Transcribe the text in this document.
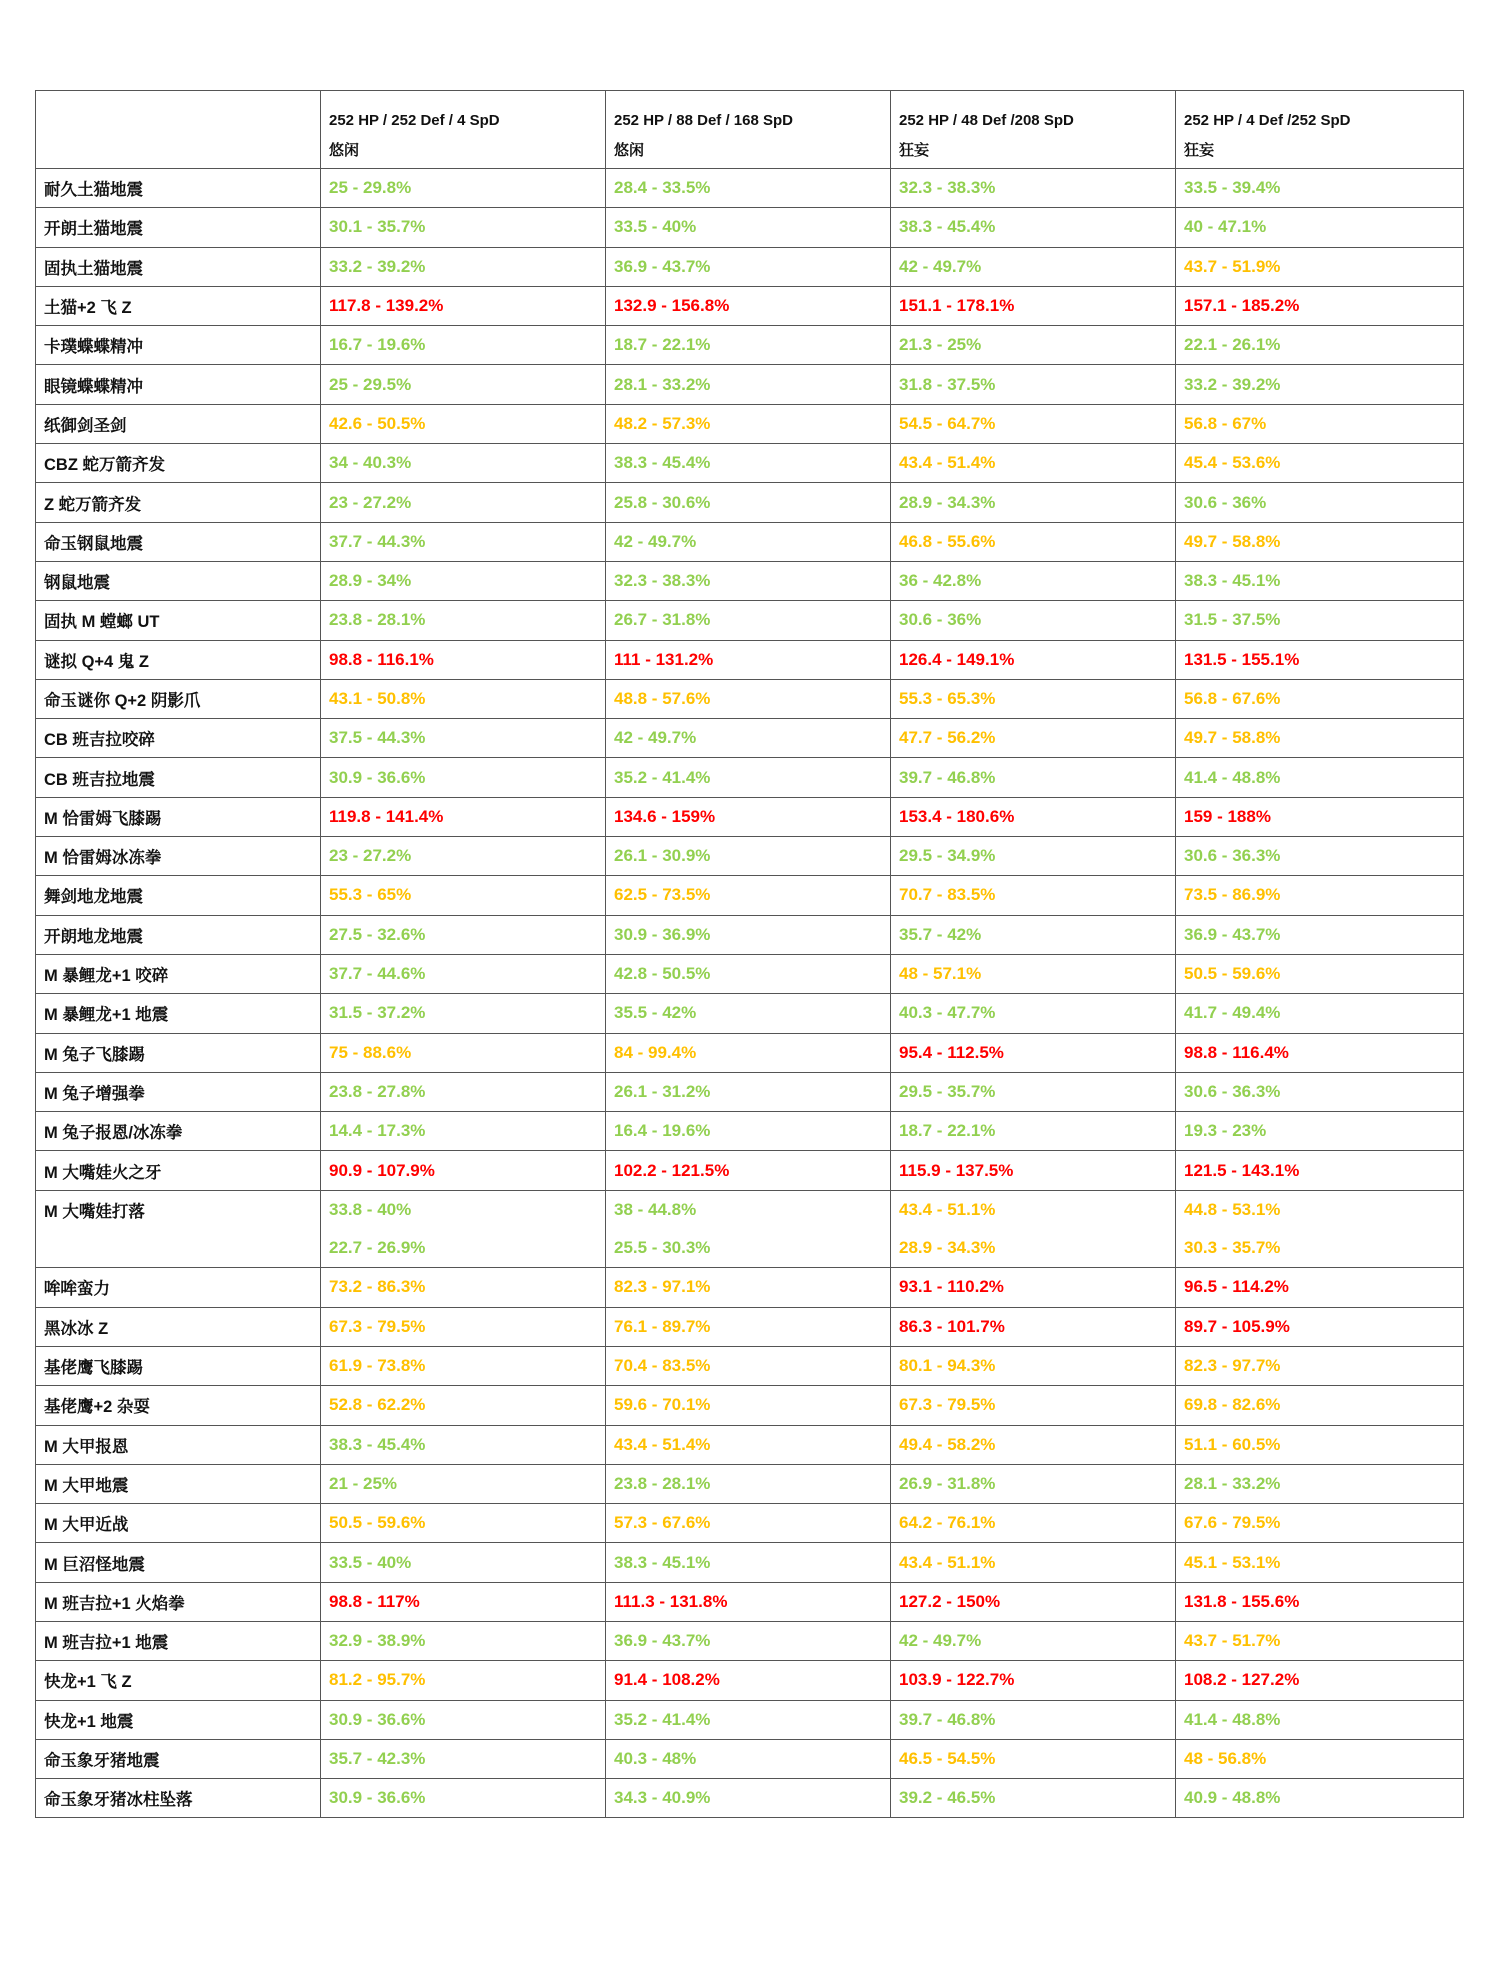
	252 HP / 252 Def / 4 SpD	252 HP / 88 Def / 168 SpD	252 HP / 48 Def /208 SpD	252 HP / 4 Def /252 SpD
	悠闲	悠闲	狂妄	狂妄
耐久土猫地震	25 - 29.8%	28.4 - 33.5%	32.3 - 38.3%	33.5 - 39.4%
开朗土猫地震	30.1 - 35.7%	33.5 - 40%	38.3 - 45.4%	40 - 47.1%
固执土猫地震	33.2 - 39.2%	36.9 - 43.7%	42 - 49.7%	43.7 - 51.9%
土猫+2 飞 Z	117.8 - 139.2%	132.9 - 156.8%	151.1 - 178.1%	157.1 - 185.2%
卡璞蝶蝶精冲	16.7 - 19.6%	18.7 - 22.1%	21.3 - 25%	22.1 - 26.1%
眼镜蝶蝶精冲	25 - 29.5%	28.1 - 33.2%	31.8 - 37.5%	33.2 - 39.2%
纸御剑圣剑	42.6 - 50.5%	48.2 - 57.3%	54.5 - 64.7%	56.8 - 67%
CBZ 蛇万箭齐发	34 - 40.3%	38.3 - 45.4%	43.4 - 51.4%	45.4 - 53.6%
Z 蛇万箭齐发	23 - 27.2%	25.8 - 30.6%	28.9 - 34.3%	30.6 - 36%
命玉钢鼠地震	37.7 - 44.3%	42 - 49.7%	46.8 - 55.6%	49.7 - 58.8%
钢鼠地震	28.9 - 34%	32.3 - 38.3%	36 - 42.8%	38.3 - 45.1%
固执 M 螳螂 UT	23.8 - 28.1%	26.7 - 31.8%	30.6 - 36%	31.5 - 37.5%
谜拟 Q+4 鬼 Z	98.8 - 116.1%	111 - 131.2%	126.4 - 149.1%	131.5 - 155.1%
命玉谜你 Q+2 阴影爪	43.1 - 50.8%	48.8 - 57.6%	55.3 - 65.3%	56.8 - 67.6%
CB 班吉拉咬碎	37.5 - 44.3%	42 - 49.7%	47.7 - 56.2%	49.7 - 58.8%
CB 班吉拉地震	30.9 - 36.6%	35.2 - 41.4%	39.7 - 46.8%	41.4 - 48.8%
M 恰雷姆飞膝踢	119.8 - 141.4%	134.6 - 159%	153.4 - 180.6%	159 - 188%
M 恰雷姆冰冻拳	23 - 27.2%	26.1 - 30.9%	29.5 - 34.9%	30.6 - 36.3%
舞剑地龙地震	55.3 - 65%	62.5 - 73.5%	70.7 - 83.5%	73.5 - 86.9%
开朗地龙地震	27.5 - 32.6%	30.9 - 36.9%	35.7 - 42%	36.9 - 43.7%
M 暴鲤龙+1 咬碎	37.7 - 44.6%	42.8 - 50.5%	48 - 57.1%	50.5 - 59.6%
M 暴鲤龙+1 地震	31.5 - 37.2%	35.5 - 42%	40.3 - 47.7%	41.7 - 49.4%
M 兔子飞膝踢	75 - 88.6%	84 - 99.4%	95.4 - 112.5%	98.8 - 116.4%
M 兔子增强拳	23.8 - 27.8%	26.1 - 31.2%	29.5 - 35.7%	30.6 - 36.3%
M 兔子报恩/冰冻拳	14.4 - 17.3%	16.4 - 19.6%	18.7 - 22.1%	19.3 - 23%
M 大嘴娃火之牙	90.9 - 107.9%	102.2 - 121.5%	115.9 - 137.5%	121.5 - 143.1%
M 大嘴娃打落	33.8 - 40%	38 - 44.8%	43.4 - 51.1%	44.8 - 53.1%
	22.7 - 26.9%	25.5 - 30.3%	28.9 - 34.3%	30.3 - 35.7%
哞哞蛮力	73.2 - 86.3%	82.3 - 97.1%	93.1 - 110.2%	96.5 - 114.2%
黑冰冰 Z	67.3 - 79.5%	76.1 - 89.7%	86.3 - 101.7%	89.7 - 105.9%
基佬鹰飞膝踢	61.9 - 73.8%	70.4 - 83.5%	80.1 - 94.3%	82.3 - 97.7%
基佬鹰+2 杂耍	52.8 - 62.2%	59.6 - 70.1%	67.3 - 79.5%	69.8 - 82.6%
M 大甲报恩	38.3 - 45.4%	43.4 - 51.4%	49.4 - 58.2%	51.1 - 60.5%
M 大甲地震	21 - 25%	23.8 - 28.1%	26.9 - 31.8%	28.1 - 33.2%
M 大甲近战	50.5 - 59.6%	57.3 - 67.6%	64.2 - 76.1%	67.6 - 79.5%
M 巨沼怪地震	33.5 - 40%	38.3 - 45.1%	43.4 - 51.1%	45.1 - 53.1%
M 班吉拉+1 火焰拳	98.8 - 117%	111.3 - 131.8%	127.2 - 150%	131.8 - 155.6%
M 班吉拉+1 地震	32.9 - 38.9%	36.9 - 43.7%	42 - 49.7%	43.7 - 51.7%
快龙+1 飞 Z	81.2 - 95.7%	91.4 - 108.2%	103.9 - 122.7%	108.2 - 127.2%
快龙+1 地震	30.9 - 36.6%	35.2 - 41.4%	39.7 - 46.8%	41.4 - 48.8%
命玉象牙猪地震	35.7 - 42.3%	40.3 - 48%	46.5 - 54.5%	48 - 56.8%
命玉象牙猪冰柱坠落	30.9 - 36.6%	34.3 - 40.9%	39.2 - 46.5%	40.9 - 48.8%
